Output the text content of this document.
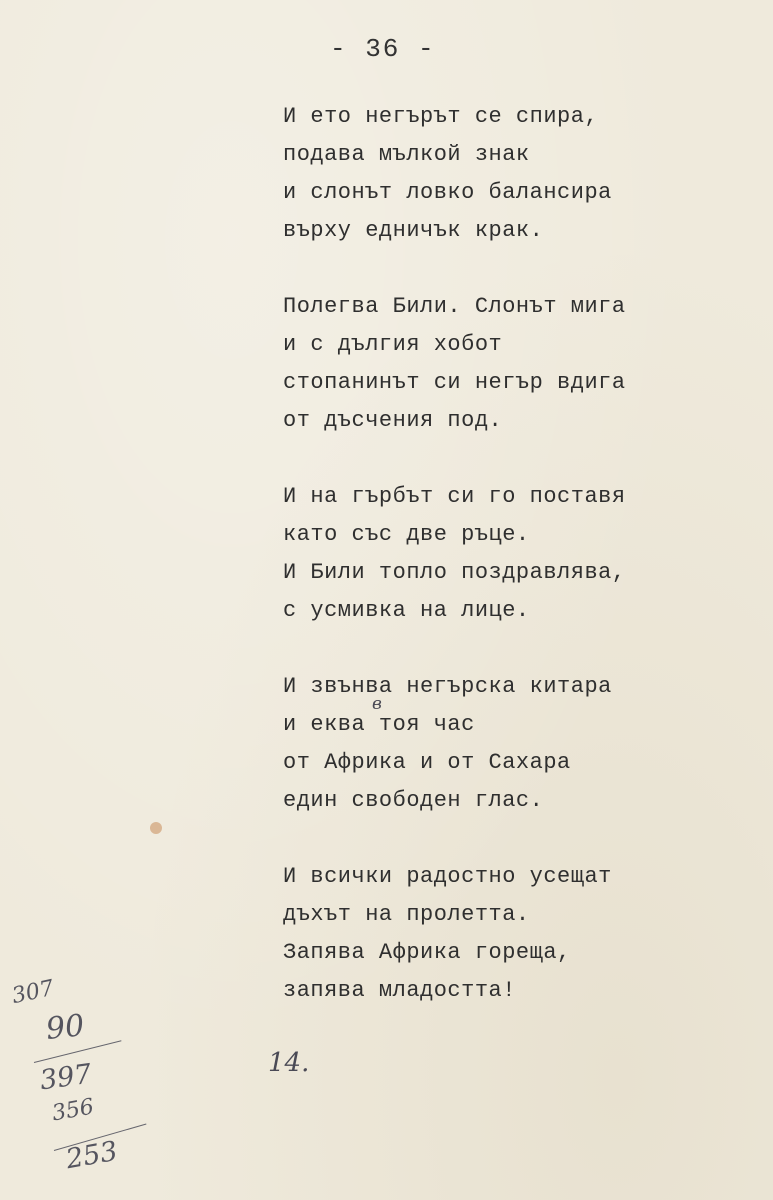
- 36 -
И ето негърът се спира,
подава мълкой знак
и слонът ловко балансира
върху едничък крак.
Полегва Били. Слонът мига
и с дългия хобот
стопанинът си негър вдига
от дъсчения под.
И на гърбът си го поставя
като със две ръце.
И Били топло поздравлява,
с усмивка на лице.
И звънва негърска китара
и еква тоя час
от Африка и от Сахара
един свободен глас.
И всички радостно усещат
дъхът на пролетта.
Запява Африка гореща,
запява младостта!
в
14.
307
90
397
356
253
